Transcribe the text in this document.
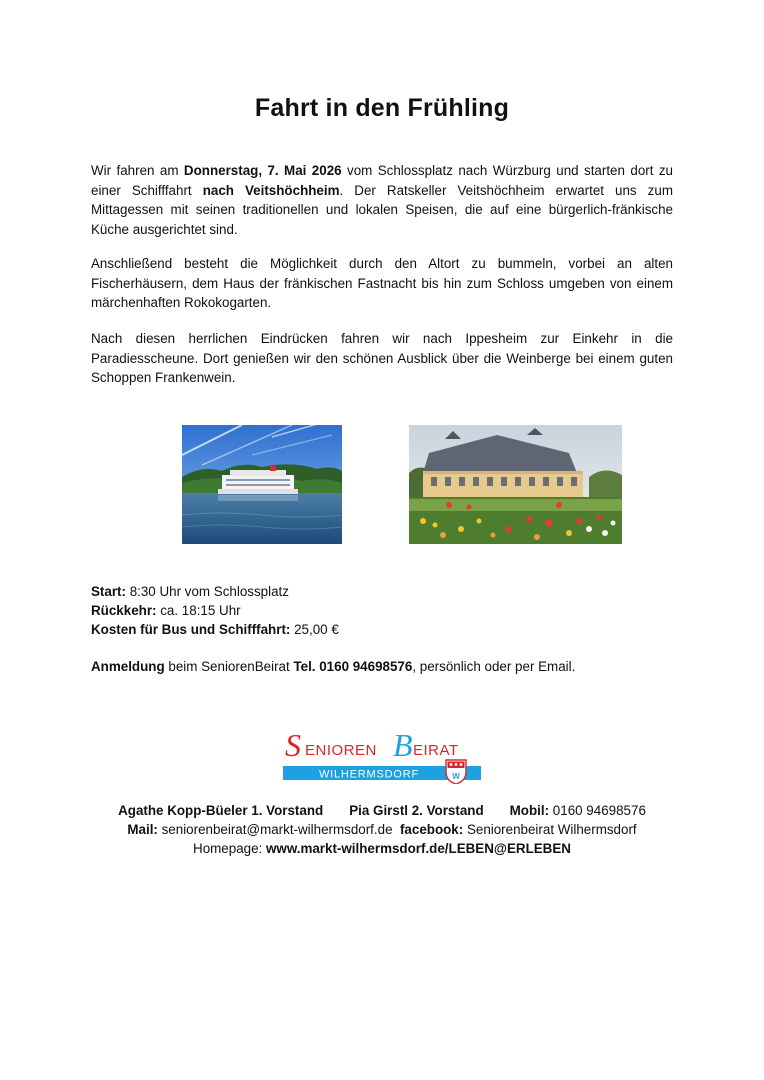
Fahrt in den Frühling

Wir fahren am Donnerstag, 7. Mai 2026 vom Schlossplatz nach Würzburg und starten dort zu einer Schifffahrt nach Veitshöchheim. Der Ratskeller Veitshöchheim erwartet uns zum Mittagessen mit seinen traditionellen und lokalen Speisen, die auf eine bürgerlich-fränkische Küche ausgerichtet sind.

Anschließend besteht die Möglichkeit durch den Altort zu bummeln, vorbei an alten Fischerhäusern, dem Haus der fränkischen Fastnacht bis hin zum Schloss umgeben von einem märchenhaften Rokokogarten.

Nach diesen herrlichen Eindrücken fahren wir nach Ippesheim zur Einkehr in die Paradiesscheune. Dort genießen wir den schönen Ausblick über die Weinberge bei einem guten Schoppen Frankenwein.

Start: 8:30 Uhr vom Schlossplatz
Rückkehr: ca. 18:15 Uhr
Kosten für Bus und Schifffahrt: 25,00 €
Anmeldung beim SeniorenBeirat Tel. 0160 94698576, persönlich oder per Email.
S ENIOREN B EIRAT
WILHERMSDORF	W
Agathe Kopp-Büeler 1. Vorstand Pia Girstl 2. Vorstand Mobil: 0160 94698576
Mail: seniorenbeirat@markt-wilhermsdorf.de facebook: Seniorenbeirat Wilhermsdorf
Homepage: www.markt-wilhermsdorf.de/LEBEN@ERLEBEN
